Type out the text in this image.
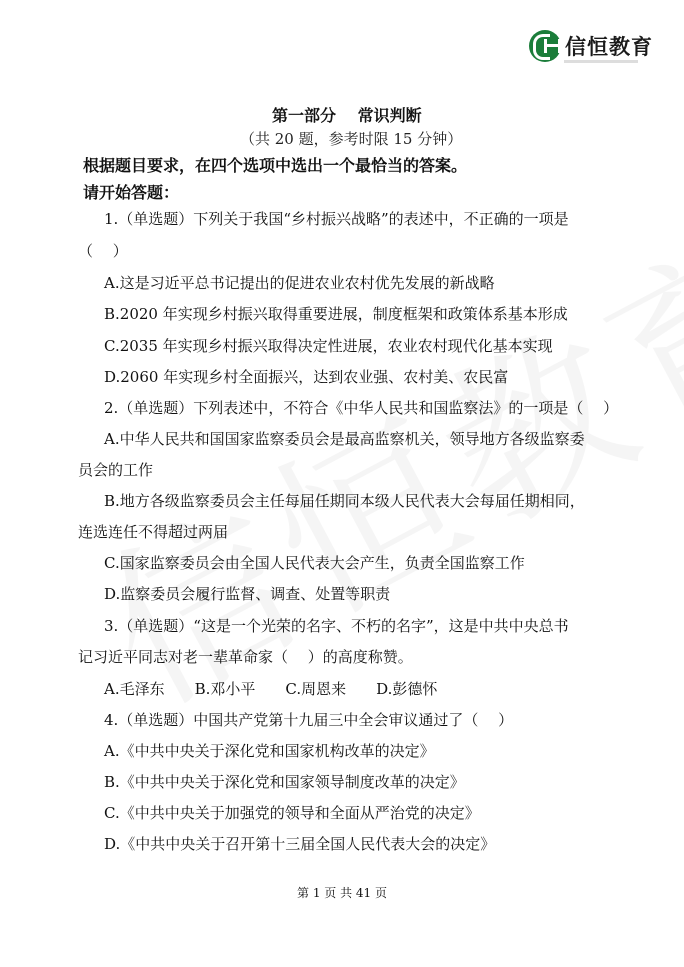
信恒教育
第一部分　 常识判断
（共 20 题，参考时限 15 分钟）
根据题目要求，在四个选项中选出一个最恰当的答案。
请开始答题：
1.（单选题）下列关于我国“乡村振兴战略”的表述中，不正确的一项是
（　 ）
A.这是习近平总书记提出的促进农业农村优先发展的新战略
B.2020 年实现乡村振兴取得重要进展，制度框架和政策体系基本形成
C.2035 年实现乡村振兴取得决定性进展，农业农村现代化基本实现
D.2060 年实现乡村全面振兴，达到农业强、农村美、农民富
2.（单选题）下列表述中，不符合《中华人民共和国监察法》的一项是（　 ）
A.中华人民共和国国家监察委员会是最高监察机关，领导地方各级监察委
员会的工作
B.地方各级监察委员会主任每届任期同本级人民代表大会每届任期相同，
连选连任不得超过两届
C.国家监察委员会由全国人民代表大会产生，负责全国监察工作
D.监察委员会履行监督、调查、处置等职责
3.（单选题）“这是一个光荣的名字、不朽的名字”，这是中共中央总书
记习近平同志对老一辈革命家（　 ）的高度称赞。
A.毛泽东　　B.邓小平　　C.周恩来　　D.彭德怀
4.（单选题）中国共产党第十九届三中全会审议通过了（　 ）
A.《中共中央关于深化党和国家机构改革的决定》
B.《中共中央关于深化党和国家领导制度改革的决定》
C.《中共中央关于加强党的领导和全面从严治党的决定》
D.《中共中央关于召开第十三届全国人民代表大会的决定》
第 1 页 共 41 页
